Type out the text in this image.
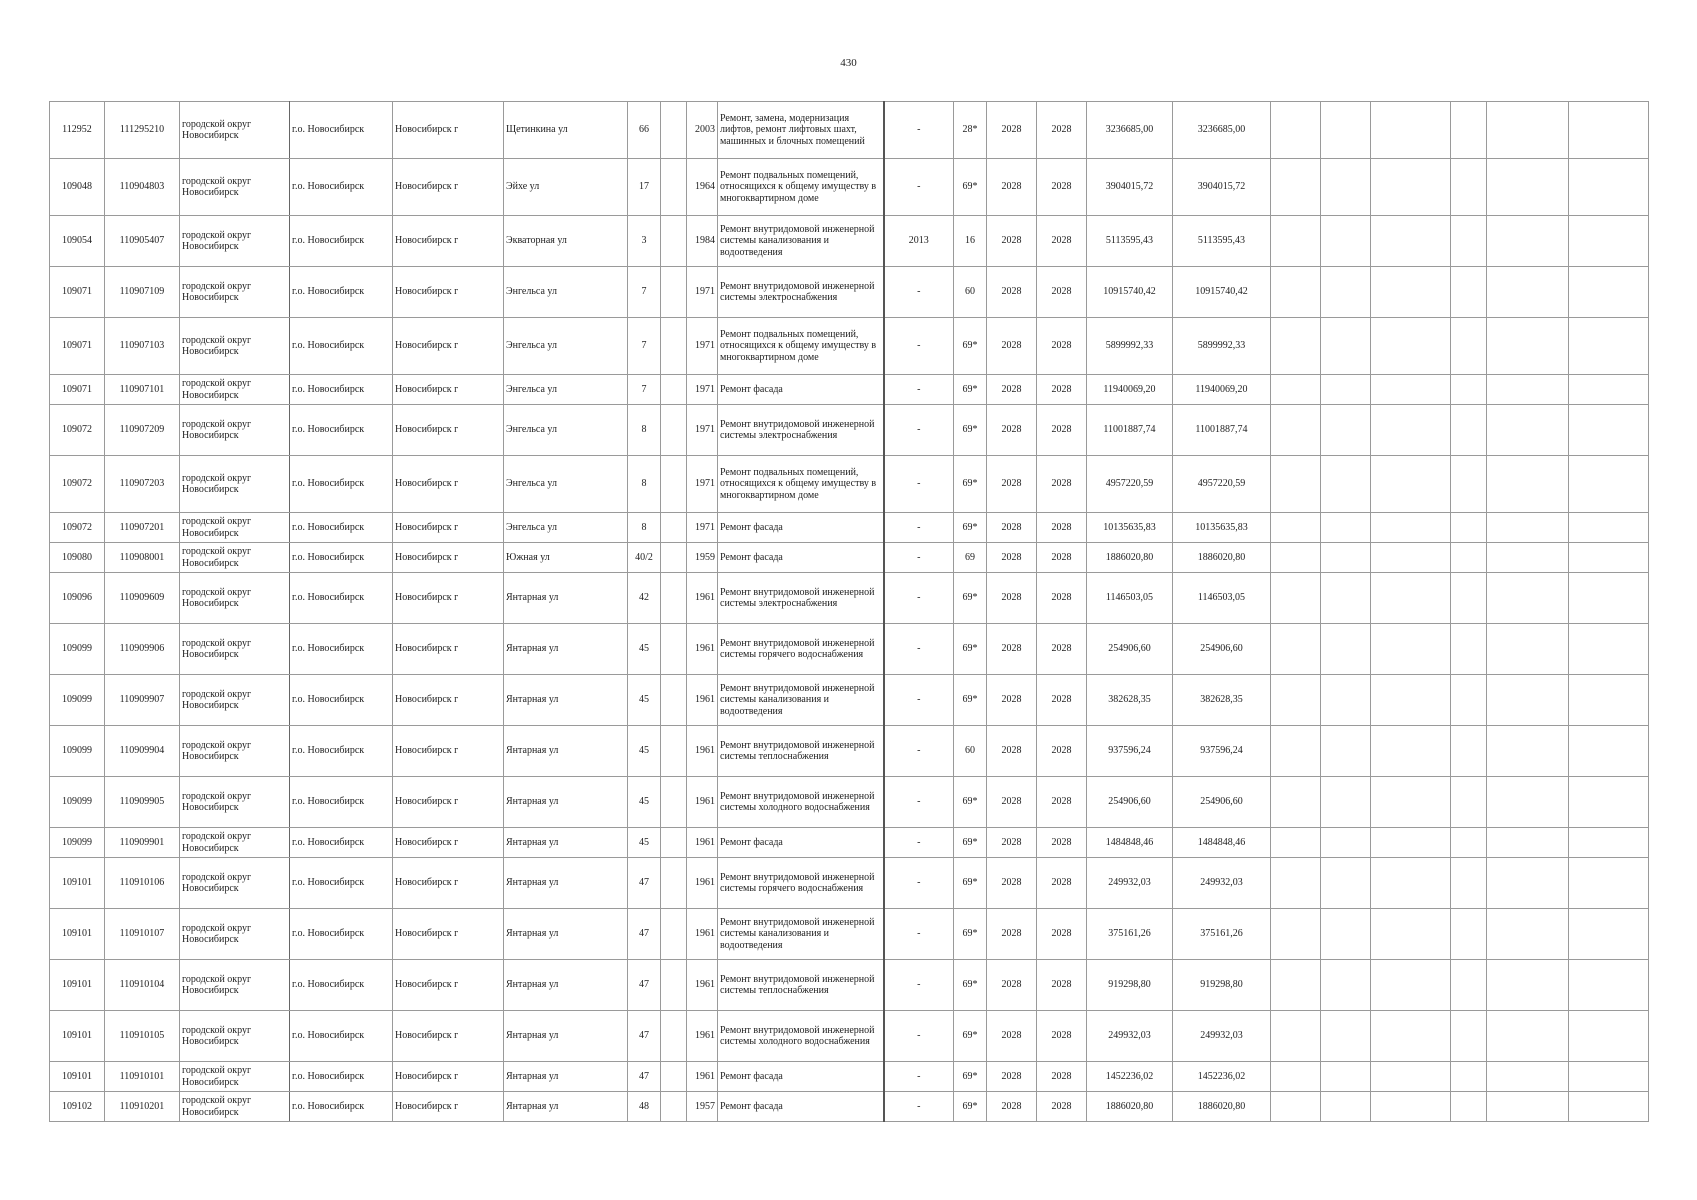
430
112952	111295210	городской округ Новосибирск	г.о. Новосибирск	Новосибирск г	Щетинкина ул	66		2003	Ремонт, замена, модернизация лифтов, ремонт лифтовых шахт, машинных и блочных помещений	-	28*	2028	2028	3236685,00	3236685,00						
109048	110904803	городской округ Новосибирск	г.о. Новосибирск	Новосибирск г	Эйхе ул	17		1964	Ремонт подвальных помещений, относящихся к общему имуществу в многоквартирном доме	-	69*	2028	2028	3904015,72	3904015,72						
109054	110905407	городской округ Новосибирск	г.о. Новосибирск	Новосибирск г	Экваторная ул	3		1984	Ремонт внутридомовой инженерной системы канализования и водоотведения	2013	16	2028	2028	5113595,43	5113595,43						
109071	110907109	городской округ Новосибирск	г.о. Новосибирск	Новосибирск г	Энгельса ул	7		1971	Ремонт внутридомовой инженерной системы электроснабжения	-	60	2028	2028	10915740,42	10915740,42						
109071	110907103	городской округ Новосибирск	г.о. Новосибирск	Новосибирск г	Энгельса ул	7		1971	Ремонт подвальных помещений, относящихся к общему имуществу в многоквартирном доме	-	69*	2028	2028	5899992,33	5899992,33						
109071	110907101	городской округ Новосибирск	г.о. Новосибирск	Новосибирск г	Энгельса ул	7		1971	Ремонт фасада	-	69*	2028	2028	11940069,20	11940069,20						
109072	110907209	городской округ Новосибирск	г.о. Новосибирск	Новосибирск г	Энгельса ул	8		1971	Ремонт внутридомовой инженерной системы электроснабжения	-	69*	2028	2028	11001887,74	11001887,74						
109072	110907203	городской округ Новосибирск	г.о. Новосибирск	Новосибирск г	Энгельса ул	8		1971	Ремонт подвальных помещений, относящихся к общему имуществу в многоквартирном доме	-	69*	2028	2028	4957220,59	4957220,59						
109072	110907201	городской округ Новосибирск	г.о. Новосибирск	Новосибирск г	Энгельса ул	8		1971	Ремонт фасада	-	69*	2028	2028	10135635,83	10135635,83						
109080	110908001	городской округ Новосибирск	г.о. Новосибирск	Новосибирск г	Южная ул	40/2		1959	Ремонт фасада	-	69	2028	2028	1886020,80	1886020,80						
109096	110909609	городской округ Новосибирск	г.о. Новосибирск	Новосибирск г	Янтарная ул	42		1961	Ремонт внутридомовой инженерной системы электроснабжения	-	69*	2028	2028	1146503,05	1146503,05						
109099	110909906	городской округ Новосибирск	г.о. Новосибирск	Новосибирск г	Янтарная ул	45		1961	Ремонт внутридомовой инженерной системы горячего водоснабжения	-	69*	2028	2028	254906,60	254906,60						
109099	110909907	городской округ Новосибирск	г.о. Новосибирск	Новосибирск г	Янтарная ул	45		1961	Ремонт внутридомовой инженерной системы канализования и водоотведения	-	69*	2028	2028	382628,35	382628,35						
109099	110909904	городской округ Новосибирск	г.о. Новосибирск	Новосибирск г	Янтарная ул	45		1961	Ремонт внутридомовой инженерной системы теплоснабжения	-	60	2028	2028	937596,24	937596,24						
109099	110909905	городской округ Новосибирск	г.о. Новосибирск	Новосибирск г	Янтарная ул	45		1961	Ремонт внутридомовой инженерной системы холодного водоснабжения	-	69*	2028	2028	254906,60	254906,60						
109099	110909901	городской округ Новосибирск	г.о. Новосибирск	Новосибирск г	Янтарная ул	45		1961	Ремонт фасада	-	69*	2028	2028	1484848,46	1484848,46						
109101	110910106	городской округ Новосибирск	г.о. Новосибирск	Новосибирск г	Янтарная ул	47		1961	Ремонт внутридомовой инженерной системы горячего водоснабжения	-	69*	2028	2028	249932,03	249932,03						
109101	110910107	городской округ Новосибирск	г.о. Новосибирск	Новосибирск г	Янтарная ул	47		1961	Ремонт внутридомовой инженерной системы канализования и водоотведения	-	69*	2028	2028	375161,26	375161,26						
109101	110910104	городской округ Новосибирск	г.о. Новосибирск	Новосибирск г	Янтарная ул	47		1961	Ремонт внутридомовой инженерной системы теплоснабжения	-	69*	2028	2028	919298,80	919298,80						
109101	110910105	городской округ Новосибирск	г.о. Новосибирск	Новосибирск г	Янтарная ул	47		1961	Ремонт внутридомовой инженерной системы холодного водоснабжения	-	69*	2028	2028	249932,03	249932,03						
109101	110910101	городской округ Новосибирск	г.о. Новосибирск	Новосибирск г	Янтарная ул	47		1961	Ремонт фасада	-	69*	2028	2028	1452236,02	1452236,02						
109102	110910201	городской округ Новосибирск	г.о. Новосибирск	Новосибирск г	Янтарная ул	48		1957	Ремонт фасада	-	69*	2028	2028	1886020,80	1886020,80						
